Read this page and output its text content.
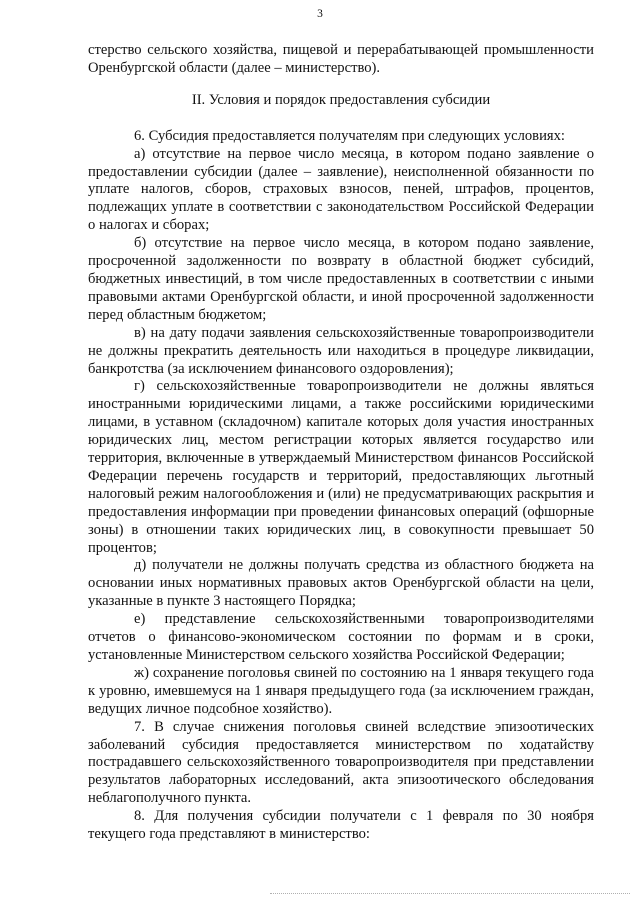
3

стерство сельского хозяйства, пищевой и перерабатывающей промышленности Оренбургской области (далее – министерство).

II. Условия и порядок предоставления субсидии

6. Субсидия предоставляется получателям при следующих условиях:

а) отсутствие на первое число месяца, в котором подано заявление о предоставлении субсидии (далее – заявление), неисполненной обязанности по уплате налогов, сборов, страховых взносов, пеней, штрафов, процентов, подлежащих уплате в соответствии с законодательством Российской Федерации о налогах и сборах;

б) отсутствие на первое число месяца, в котором подано заявление, просроченной задолженности по возврату в областной бюджет субсидий, бюджетных инвестиций, в том числе предоставленных в соответствии с иными правовыми актами Оренбургской области, и иной просроченной задолженности перед областным бюджетом;

в) на дату подачи заявления сельскохозяйственные товаропроизводители не должны прекратить деятельность или находиться в процедуре ликвидации, банкротства (за исключением финансового оздоровления);

г) сельскохозяйственные товаропроизводители не должны являться иностранными юридическими лицами, а также российскими юридическими лицами, в уставном (складочном) капитале которых доля участия иностранных юридических лиц, местом регистрации которых является государство или территория, включенные в утверждаемый Министерством финансов Российской Федерации перечень государств и территорий, предоставляющих льготный налоговый режим налогообложения и (или) не предусматривающих раскрытия и предоставления информации при проведении финансовых операций (офшорные зоны) в отношении таких юридических лиц, в совокупности превышает 50 процентов;

д) получатели не должны получать средства из областного бюджета на основании иных нормативных правовых актов Оренбургской области на цели, указанные в пункте 3 настоящего Порядка;

е) представление сельскохозяйственными товаропроизводителями отчетов о финансово-экономическом состоянии по формам и в сроки, установленные Министерством сельского хозяйства Российской Федерации;

ж) сохранение поголовья свиней по состоянию на 1 января текущего года к уровню, имевшемуся на 1 января предыдущего года (за исключением граждан, ведущих личное подсобное хозяйство).

7. В случае снижения поголовья свиней вследствие эпизоотических заболеваний субсидия предоставляется министерством по ходатайству пострадавшего сельскохозяйственного товаропроизводителя при представлении результатов лабораторных исследований, акта эпизоотического обследования неблагополучного пункта.

8. Для получения субсидии получатели с 1 февраля по 30 ноября текущего года представляют в министерство:
